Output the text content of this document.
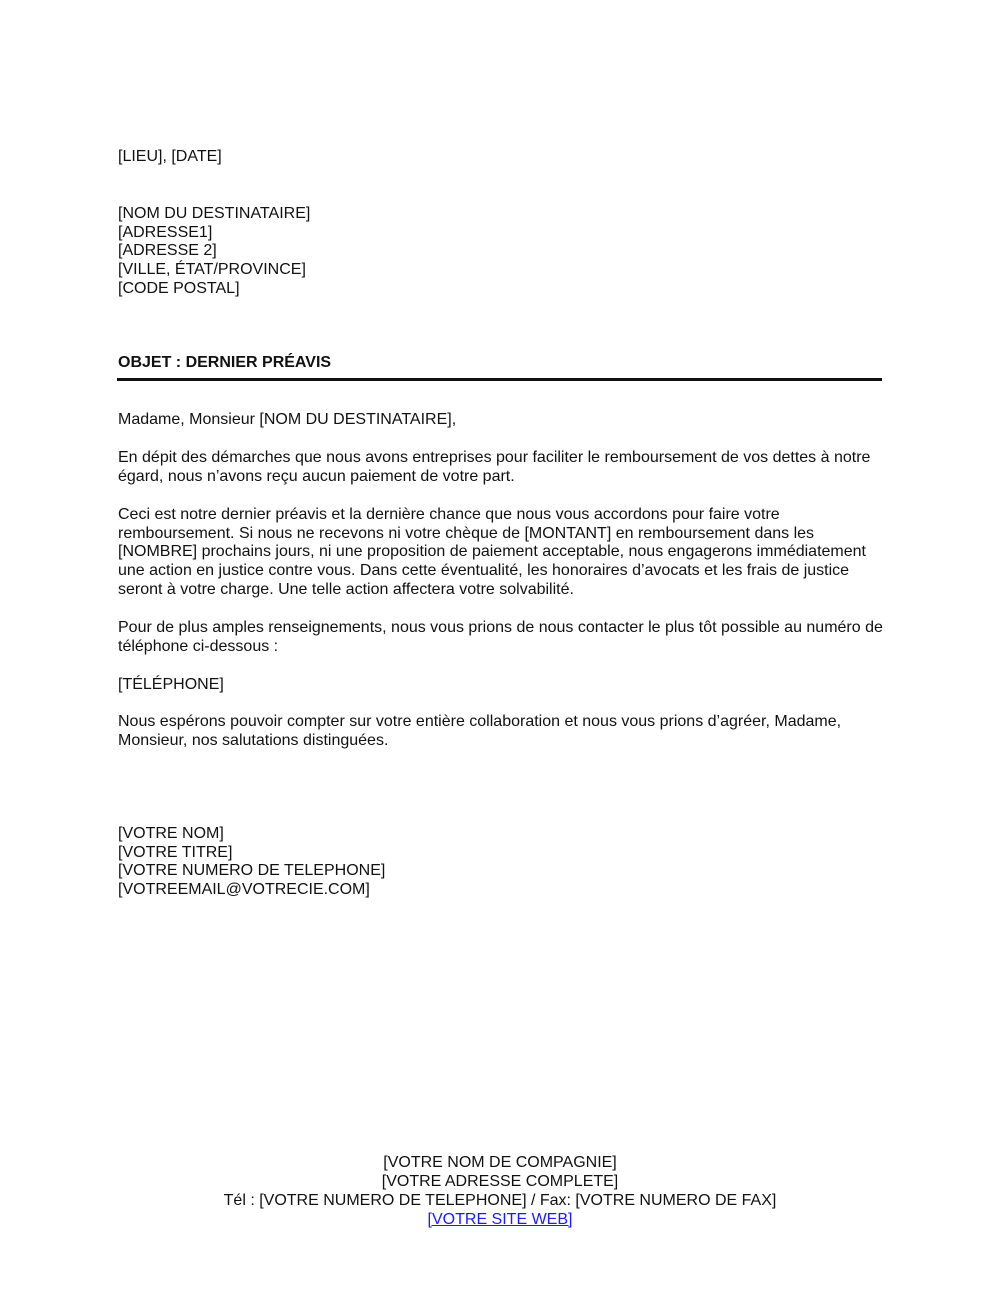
[LIEU], [DATE]
[NOM DU DESTINATAIRE]
[ADRESSE1]
[ADRESSE 2]
[VILLE, ÉTAT/PROVINCE]
[CODE POSTAL]
OBJET : DERNIER PRÉAVIS
Madame, Monsieur [NOM DU DESTINATAIRE],
En dépit des démarches que nous avons entreprises pour faciliter le remboursement de vos dettes à notre égard, nous n’avons reçu aucun paiement de votre part.
Ceci est notre dernier préavis et la dernière chance que nous vous accordons pour faire votre remboursement. Si nous ne recevons ni votre chèque de [MONTANT] en remboursement dans les [NOMBRE] prochains jours, ni une proposition de paiement acceptable, nous engagerons immédiatement une action en justice contre vous. Dans cette éventualité, les honoraires d’avocats et les frais de justice seront à votre charge. Une telle action affectera votre solvabilité.
Pour de plus amples renseignements, nous vous prions de nous contacter le plus tôt possible au numéro de téléphone ci-dessous :
[TÉLÉPHONE]
Nous espérons pouvoir compter sur votre entière collaboration et nous vous prions d’agréer, Madame, Monsieur, nos salutations distinguées.
[VOTRE NOM]
[VOTRE TITRE]
[VOTRE NUMERO DE TELEPHONE]
[VOTREEMAIL@VOTRECIE.COM]
[VOTRE NOM DE COMPAGNIE]
[VOTRE ADRESSE COMPLETE]
Tél : [VOTRE NUMERO DE TELEPHONE] / Fax: [VOTRE NUMERO DE FAX]
[VOTRE SITE WEB]
